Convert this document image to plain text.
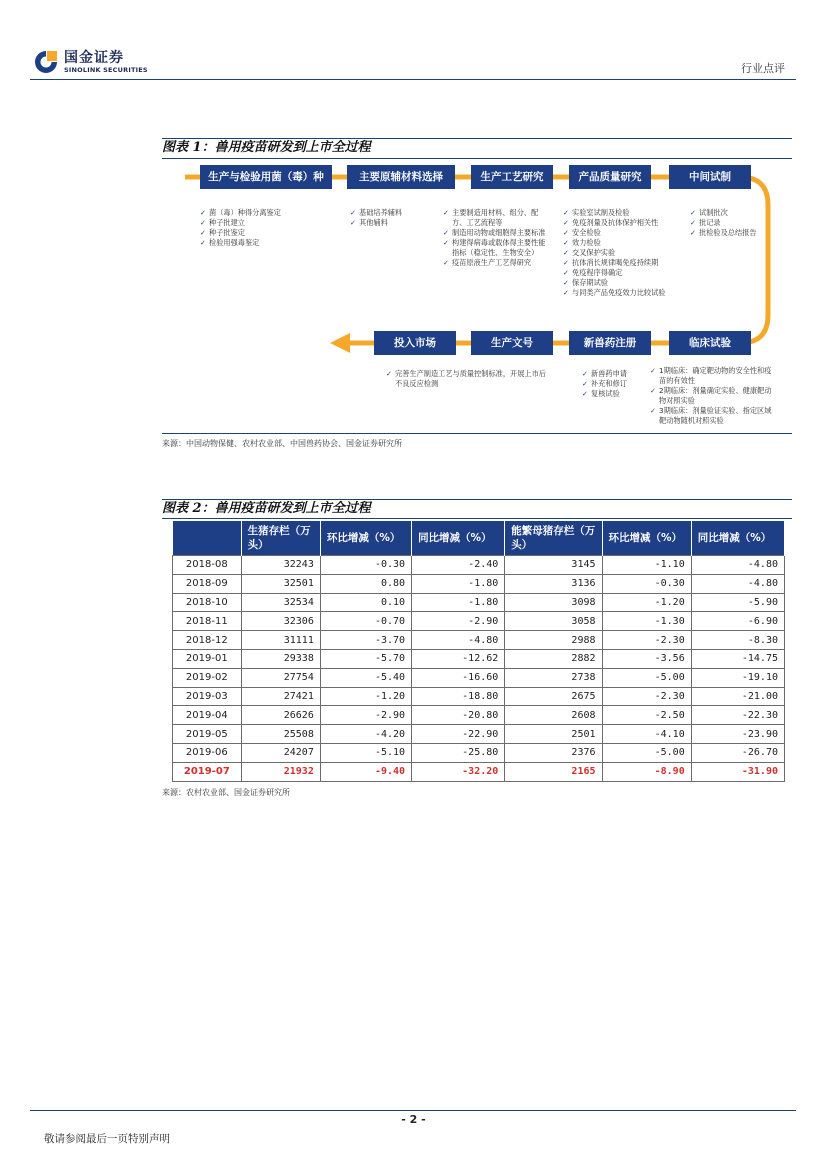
国金证券
SINOLINK SECURITIES	行业点评
图表 1：兽用疫苗研发到上市全过程
生产与检验用菌（毒）种	主要原辅材料选择	生产工艺研究	产品质量研究	中间试制
投入市场	生产文号	新兽药注册	临床试验
✓ 菌（毒）种得分离鉴定
✓ 种子批建立
✓ 种子批鉴定
✓ 检验用强毒鉴定
✓ 基础培养辅料
✓ 其他辅料
✓ 主要制造用材料、组分、配方、工艺流程等
✓ 制造用动物或细胞得主要标准
✓ 构建得病毒或载体得主要性能指标（稳定性、生物安全）
✓ 疫苗原液生产工艺得研究
✓ 实验室试制及检验
✓ 免疫剂量及抗体保护相关性
✓ 安全检验
✓ 效力检验
✓ 交叉保护实验
✓ 抗体消长规律喝免疫持续期
✓ 免疫程序得确定
✓ 保存期试验
✓ 与同类产品免疫效力比较试验
✓ 试制批次
✓ 批记录
✓ 批检验及总结报告
✓ 完善生产制造工艺与质量控制标准，开展上市后不良反应检测
✓ 新兽药申请
✓ 补充和修订
✓ 复核试验
✓ 1期临床：确定靶动物的安全性和疫苗的有效性
✓ 2期临床：剂量确定实验、健康靶动物对照实验
✓ 3期临床：剂量验证实验、指定区域靶动物随机对照实验
来源：中国动物保健、农村农业部、中国兽药协会、国金证券研究所
图表 2：兽用疫苗研发到上市全过程
	生猪存栏（万头）	环比增减（%）	同比增减（%）	能繁母猪存栏（万头）	环比增减（%）	同比增减（%）
2018-08	32243	-0.30	-2.40	3145	-1.10	-4.80
2018-09	32501	0.80	-1.80	3136	-0.30	-4.80
2018-10	32534	0.10	-1.80	3098	-1.20	-5.90
2018-11	32306	-0.70	-2.90	3058	-1.30	-6.90
2018-12	31111	-3.70	-4.80	2988	-2.30	-8.30
2019-01	29338	-5.70	-12.62	2882	-3.56	-14.75
2019-02	27754	-5.40	-16.60	2738	-5.00	-19.10
2019-03	27421	-1.20	-18.80	2675	-2.30	-21.00
2019-04	26626	-2.90	-20.80	2608	-2.50	-22.30
2019-05	25508	-4.20	-22.90	2501	-4.10	-23.90
2019-06	24207	-5.10	-25.80	2376	-5.00	-26.70
2019-07	21932	-9.40	-32.20	2165	-8.90	-31.90
来源：农村农业部、国金证券研究所
- 2 -
敬请参阅最后一页特别声明
